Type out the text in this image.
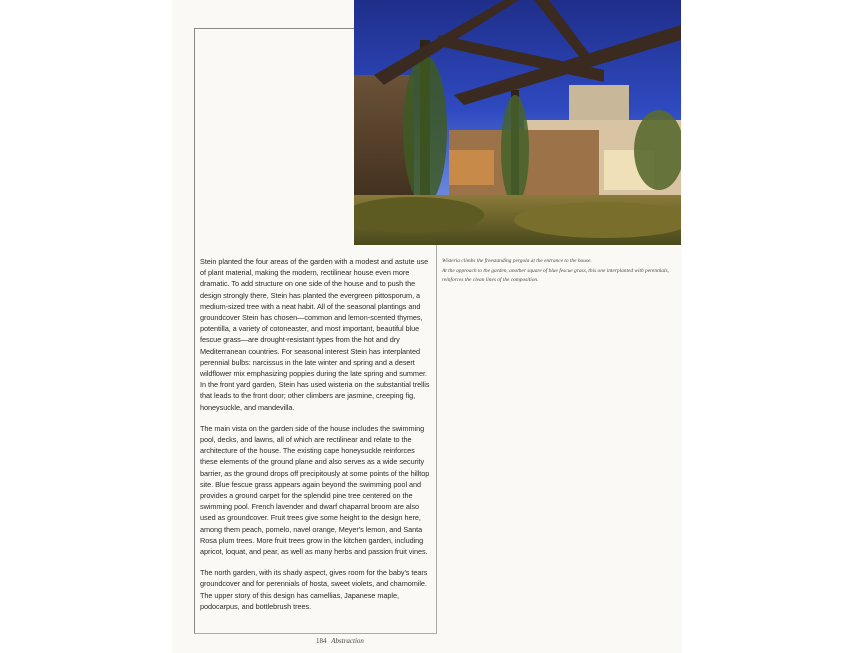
Stein planted the four areas of the garden with a modest and astute use of plant material, making the modern, rectilinear house even more dramatic. To add structure on one side of the house and to push the design strongly there, Stein has planted the evergreen pittosporum, a medium-sized tree with a neat habit. All of the seasonal plantings and groundcover Stein has chosen—common and lemon-scented thymes, potentilla, a variety of cotoneaster, and most important, beautiful blue fescue grass—are drought-resistant types from the hot and dry Mediterranean countries. For seasonal interest Stein has interplanted perennial bulbs: narcissus in the late winter and spring and a desert wildflower mix emphasizing poppies during the late spring and summer. In the front yard garden, Stein has used wisteria on the substantial trellis that leads to the front door; other climbers are jasmine, creeping fig, honeysuckle, and mandevilla.

The main vista on the garden side of the house includes the swimming pool, decks, and lawns, all of which are rectilinear and relate to the architecture of the house. The existing cape honeysuckle reinforces these elements of the ground plane and also serves as a wide security barrier, as the ground drops off precipitously at some points of the hilltop site. Blue fescue grass appears again beyond the swimming pool and provides a ground carpet for the splendid pine tree centered on the swimming pool. French lavender and dwarf chaparral broom are also used as groundcover. Fruit trees give some height to the design here, among them peach, pomelo, navel orange, Meyer's lemon, and Santa Rosa plum trees. More fruit trees grow in the kitchen garden, including apricot, loquat, and pear, as well as many herbs and passion fruit vines.

The north garden, with its shady aspect, gives room for the baby's tears groundcover and for perennials of hosta, sweet violets, and chamomile. The upper story of this design has camellias, Japanese maple, podocarpus, and bottlebrush trees.

Wisteria climbs the freestanding pergola at the entrance to the house.

At the approach to the garden, another square of blue fescue grass, this one interplanted with perennials, reinforces the clean lines of the composition.

184 Abstraction
